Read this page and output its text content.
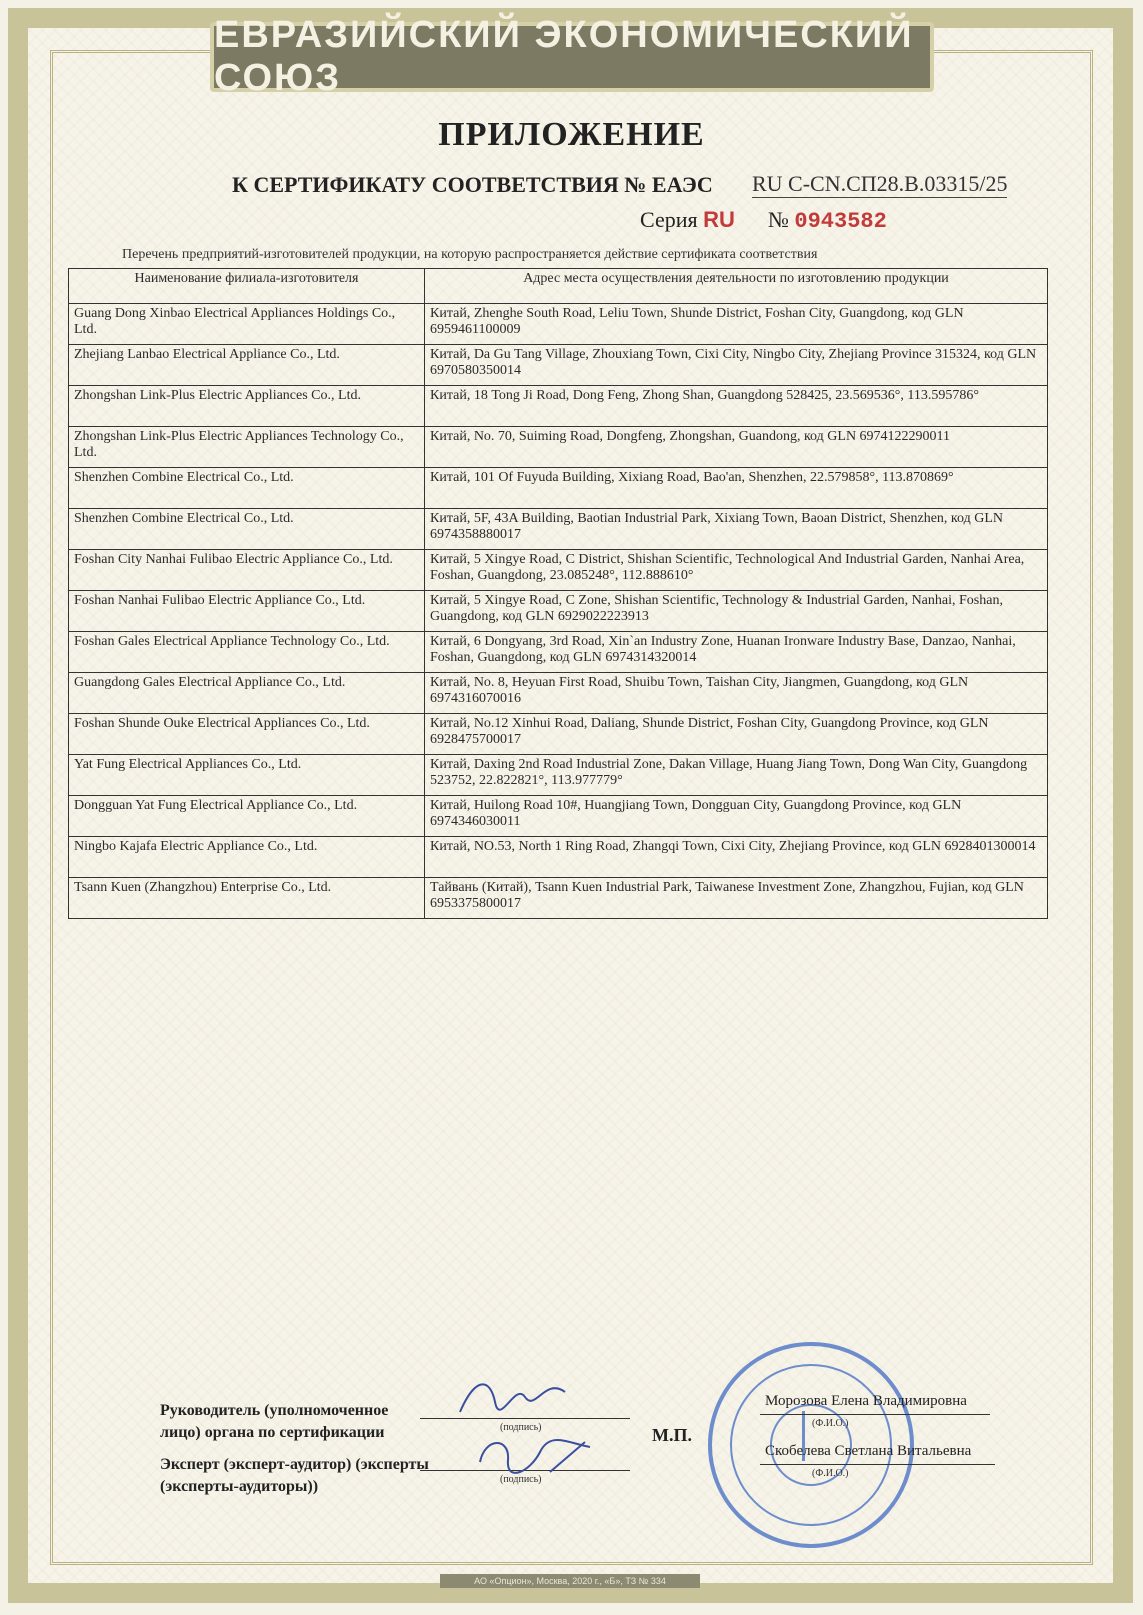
ЕВРАЗИЙСКИЙ ЭКОНОМИЧЕСКИЙ СОЮЗ
ПРИЛОЖЕНИЕ
К СЕРТИФИКАТУ СООТВЕТСТВИЯ № ЕАЭС RU C-CN.СП28.В.03315/25
Серия RU № 0943582
Перечень предприятий-изготовителей продукции, на которую распространяется действие сертификата соответствия
Наименование филиала-изготовителя	Адрес места осуществления деятельности по изготовлению продукции
Guang Dong Xinbao Electrical Appliances Holdings Co., Ltd.	Китай, Zhenghe South Road, Leliu Town, Shunde District, Foshan City, Guangdong, код GLN 6959461100009
Zhejiang Lanbao Electrical Appliance Co., Ltd.	Китай, Da Gu Tang Village, Zhouxiang Town, Cixi City, Ningbo City, Zhejiang Province 315324, код GLN 6970580350014
Zhongshan Link-Plus Electric Appliances Co., Ltd.	Китай, 18 Tong Ji Road, Dong Feng, Zhong Shan, Guangdong 528425, 23.569536°, 113.595786°
Zhongshan Link-Plus Electric Appliances Technology Co., Ltd.	Китай, No. 70, Suiming Road, Dongfeng, Zhongshan, Guandong, код GLN 6974122290011
Shenzhen Combine Electrical Co., Ltd.	Китай, 101 Of Fuyuda Building, Xixiang Road, Bao'an, Shenzhen, 22.579858°, 113.870869°
Shenzhen Combine Electrical Co., Ltd.	Китай, 5F, 43A Building, Baotian Industrial Park, Xixiang Town, Baoan District, Shenzhen, код GLN 6974358880017
Foshan City Nanhai Fulibao Electric Appliance Co., Ltd.	Китай, 5 Xingye Road, C District, Shishan Scientific, Technological And Industrial Garden, Nanhai Area, Foshan, Guangdong, 23.085248°, 112.888610°
Foshan Nanhai Fulibao Electric Appliance Co., Ltd.	Китай, 5 Xingye Road, C Zone, Shishan Scientific, Technology & Industrial Garden, Nanhai, Foshan, Guangdong, код GLN 6929022223913
Foshan Gales Electrical Appliance Technology Co., Ltd.	Китай, 6 Dongyang, 3rd Road, Xin`an Industry Zone, Huanan Ironware Industry Base, Danzao, Nanhai, Foshan, Guangdong, код GLN 6974314320014
Guangdong Gales Electrical Appliance Co., Ltd.	Китай, No. 8, Heyuan First Road, Shuibu Town, Taishan City, Jiangmen, Guangdong, код GLN 6974316070016
Foshan Shunde Ouke Electrical Appliances Co., Ltd.	Китай, No.12 Xinhui Road, Daliang, Shunde District, Foshan City, Guangdong Province, код GLN 6928475700017
Yat Fung Electrical Appliances Co., Ltd.	Китай, Daxing 2nd Road Industrial Zone, Dakan Village, Huang Jiang Town, Dong Wan City, Guangdong 523752, 22.822821°, 113.977779°
Dongguan Yat Fung Electrical Appliance Co., Ltd.	Китай, Huilong Road 10#, Huangjiang Town, Dongguan City, Guangdong Province, код GLN 6974346030011
Ningbo Kajafa Electric Appliance Co., Ltd.	Китай, NO.53, North 1 Ring Road, Zhangqi Town, Cixi City, Zhejiang Province, код GLN 6928401300014
Tsann Kuen (Zhangzhou) Enterprise Co., Ltd.	Тайвань (Китай), Tsann Kuen Industrial Park, Taiwanese Investment Zone, Zhangzhou, Fujian, код GLN 6953375800017
Руководитель (уполномоченное лицо) органа по сертификации	(подпись)
Эксперт (эксперт-аудитор) (эксперты (эксперты-аудиторы))	(подпись)
М.П.
Морозова Елена Владимировна
(Ф.И.О.)
Скобелева Светлана Витальевна
(Ф.И.О.)
АО «Опцион», Москва, 2020 г., «Б», ТЗ № 334
